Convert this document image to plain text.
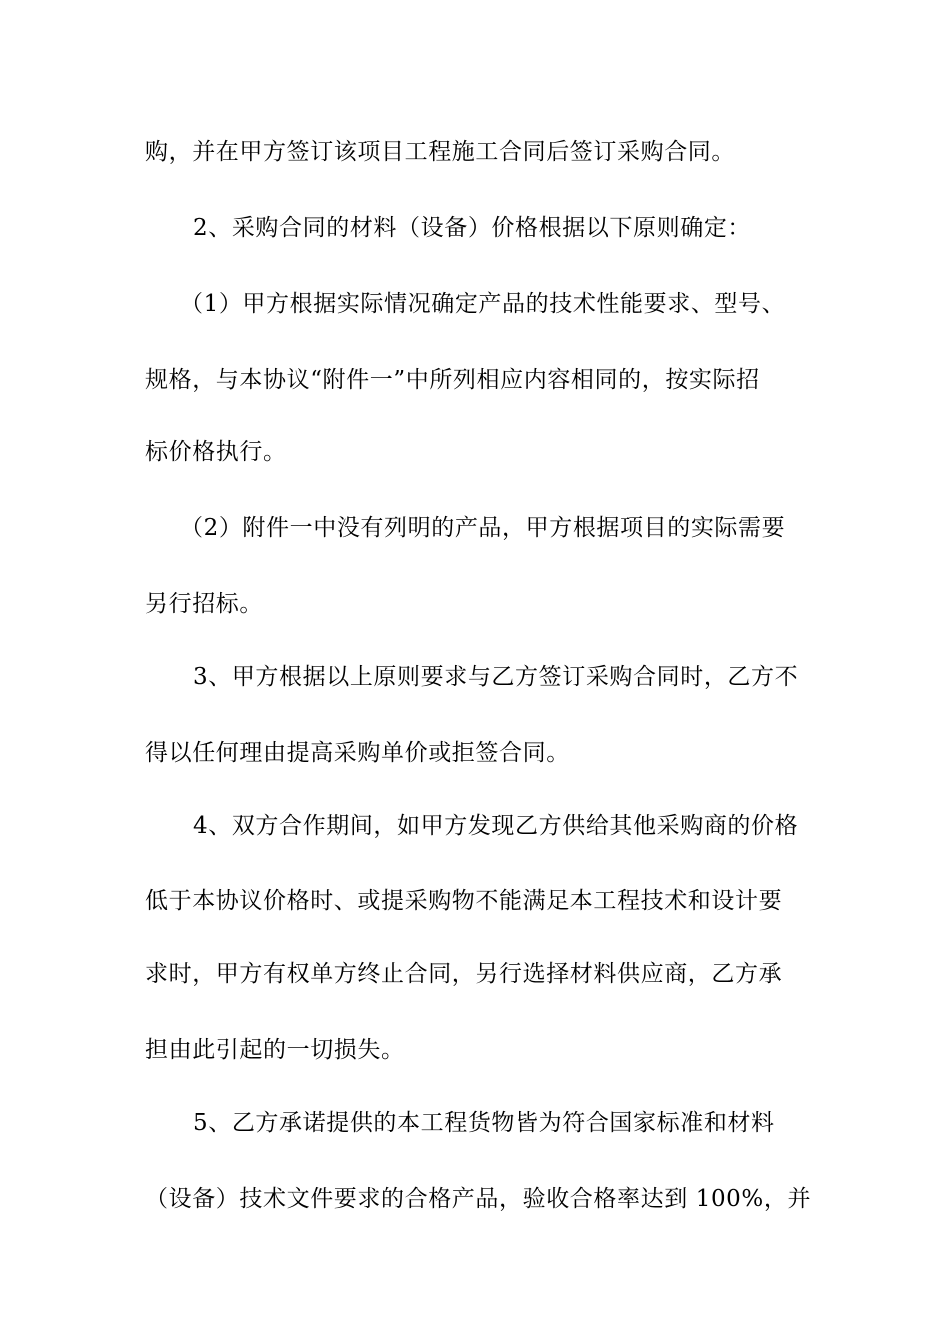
购，并在甲方签订该项目工程施工合同后签订采购合同。
2、采购合同的材料（设备）价格根据以下原则确定：
（1）甲方根据实际情况确定产品的技术性能要求、型号、
规格，与本协议“附件一”中所列相应内容相同的，按实际招
标价格执行。
（2）附件一中没有列明的产品，甲方根据项目的实际需要
另行招标。
3、甲方根据以上原则要求与乙方签订采购合同时，乙方不
得以任何理由提高采购单价或拒签合同。
4、双方合作期间，如甲方发现乙方供给其他采购商的价格
低于本协议价格时、或提采购物不能满足本工程技术和设计要
求时，甲方有权单方终止合同，另行选择材料供应商，乙方承
担由此引起的一切损失。
5、乙方承诺提供的本工程货物皆为符合国家标准和材料
（设备）技术文件要求的合格产品，验收合格率达到 100%，并
